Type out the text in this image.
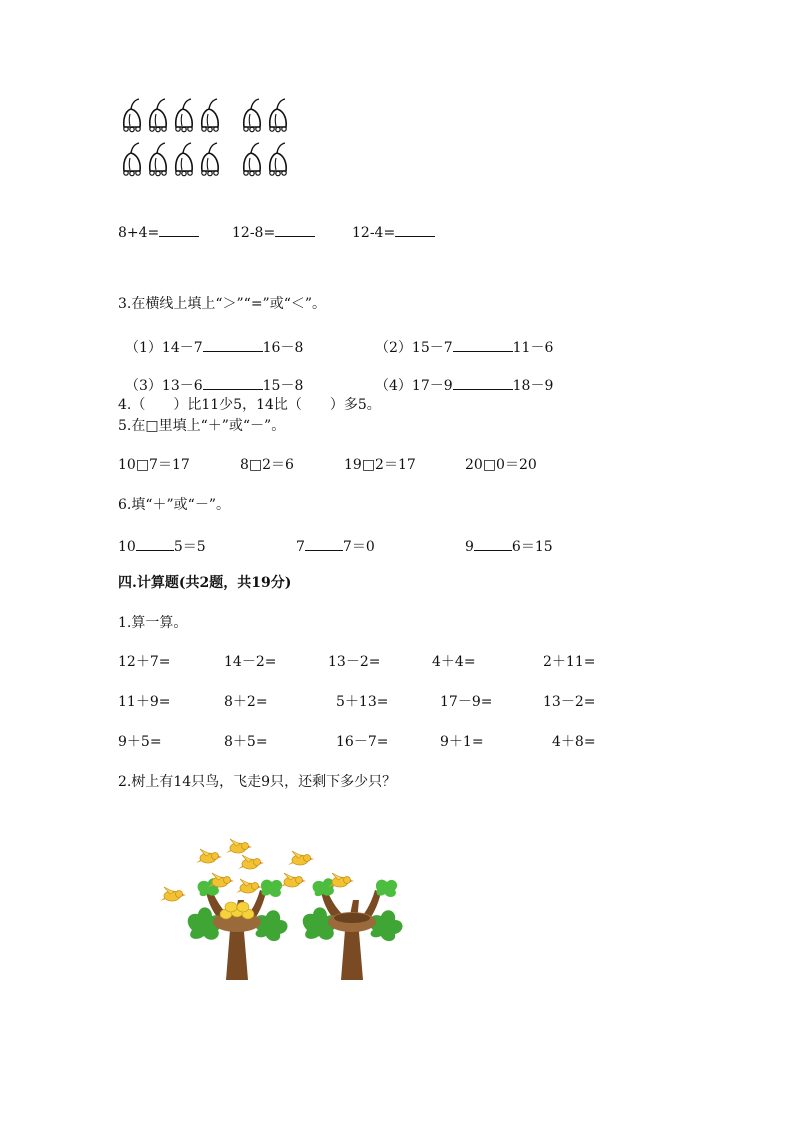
8+4=	12-8=	12-4=
3.在横线上填上“＞”“=”或“＜”。
（1）14－7	16－8	（2）15－7	11－6
（3）13－6	15－8	（4）17－9	18－9
4.（　　）比11少5，14比（　　）多5。
5.在□里填上“＋”或“－”。
10□7＝17	8□2＝6	19□2＝17	20□0＝20
6.填“＋”或“－”。
10	5＝5	7	7＝0	9	6＝15
四.计算题(共2题，共19分)
1.算一算。
12＋7=	14－2=	13－2=	4＋4=	2＋11=
11＋9=	8＋2=	5＋13=	17－9=	13－2=
9＋5=	8＋5=	16－7=	9＋1=	4＋8=
2.树上有14只鸟，飞走9只，还剩下多少只？
